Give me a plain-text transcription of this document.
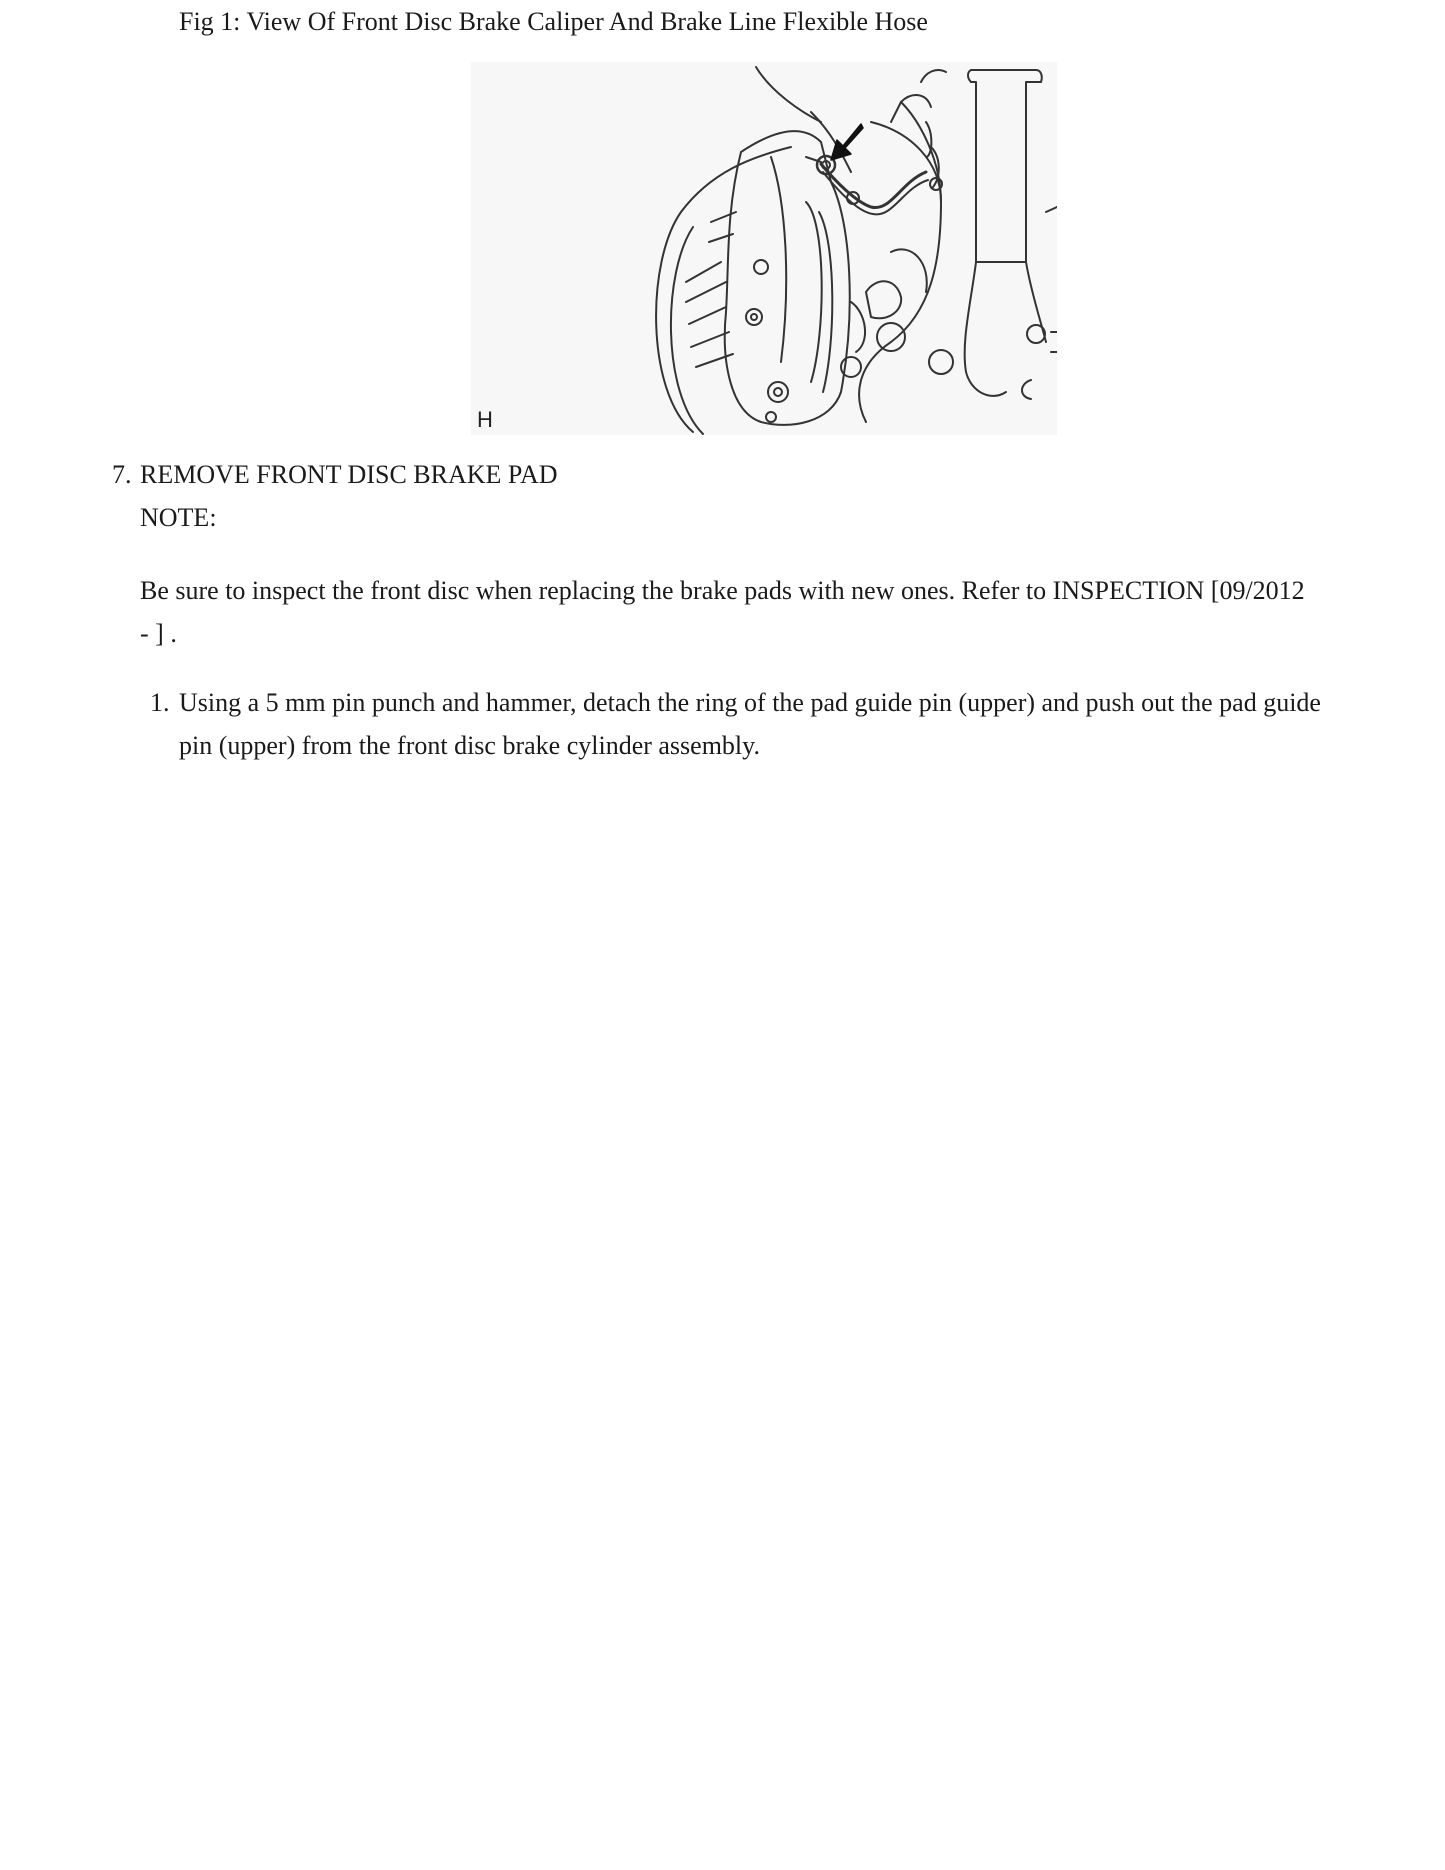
Fig 1: View Of Front Disc Brake Caliper And Brake Line Flexible Hose
H
7. REMOVE FRONT DISC BRAKE PAD
NOTE:
Be sure to inspect the front disc when replacing the brake pads with new ones. Refer to INSPECTION [09/2012 - ] .
1. Using a 5 mm pin punch and hammer, detach the ring of the pad guide pin (upper) and push out the pad guide pin (upper) from the front disc brake cylinder assembly.
